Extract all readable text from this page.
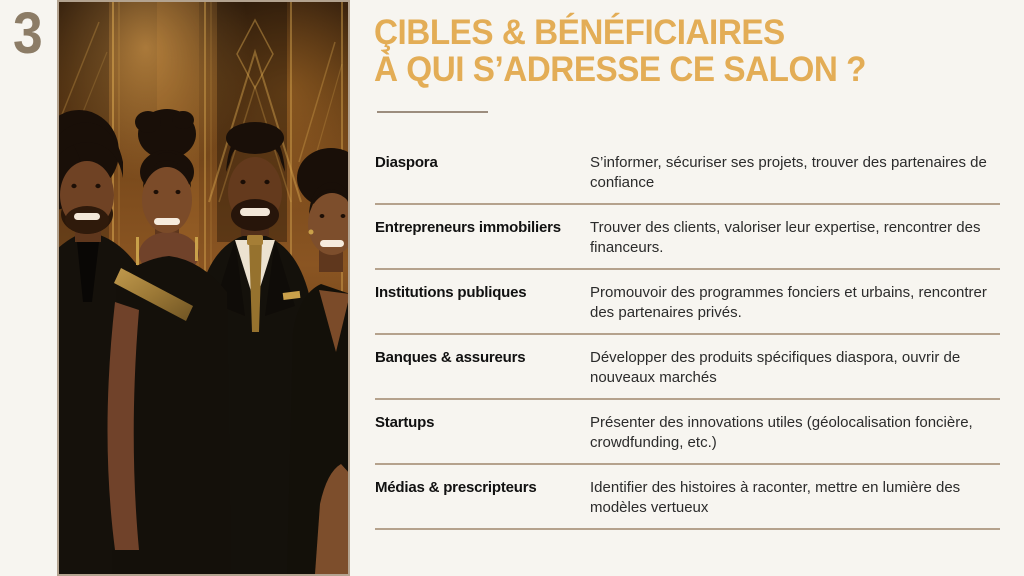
3	ÇIBLES & BÉNÉFICIAIRES
À QUI S’ADRESSE CE SALON ?
Diaspora	S’informer, sécuriser ses projets, trouver des partenaires de confiance
Entrepreneurs immobiliers	Trouver des clients, valoriser leur expertise, rencontrer des financeurs.
Institutions publiques	Promouvoir des programmes fonciers et urbains, rencontrer des partenaires privés.
Banques & assureurs	Développer des produits spécifiques diaspora, ouvrir de nouveaux marchés
Startups	Présenter des innovations utiles (géolocalisation foncière, crowdfunding, etc.)
Médias & prescripteurs	Identifier des histoires à raconter, mettre en lumière des modèles vertueux
